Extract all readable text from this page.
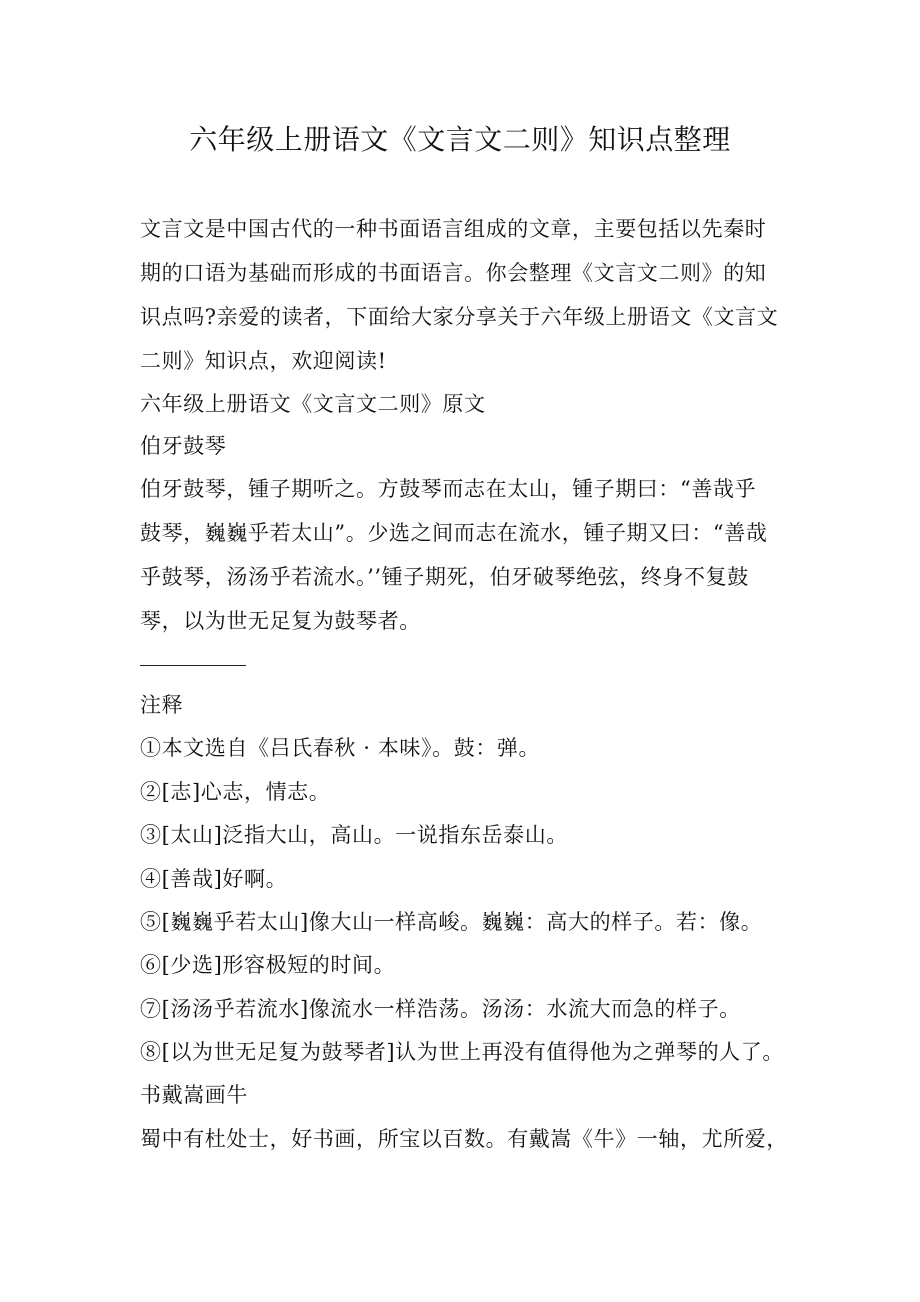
六年级上册语文《文言文二则》知识点整理
文言文是中国古代的一种书面语言组成的文章，主要包括以先秦时
期的口语为基础而形成的书面语言。你会整理《文言文二则》的知
识点吗?亲爱的读者，下面给大家分享关于六年级上册语文《文言文
二则》知识点，欢迎阅读!
六年级上册语文《文言文二则》原文
伯牙鼓琴
伯牙鼓琴，锺子期听之。方鼓琴而志在太山，锺子期曰：“善哉乎
鼓琴，巍巍乎若太山”。少选之间而志在流水，锺子期又曰：“善哉
乎鼓琴，汤汤乎若流水。’’锺子期死，伯牙破琴绝弦，终身不复鼓
琴，以为世无足复为鼓琴者。
注释
①本文选自《吕氏春秋 · 本味》。鼓：弹。
②[志]心志，情志。
③[太山]泛指大山，高山。一说指东岳泰山。
④[善哉]好啊。
⑤[巍巍乎若太山]像大山一样高峻。巍巍：高大的样子。若：像。
⑥[少选]形容极短的时间。
⑦[汤汤乎若流水]像流水一样浩荡。汤汤：水流大而急的样子。
⑧[以为世无足复为鼓琴者]认为世上再没有值得他为之弹琴的人了。
书戴嵩画牛
蜀中有杜处士，好书画，所宝以百数。有戴嵩《牛》一轴，尤所爱，
